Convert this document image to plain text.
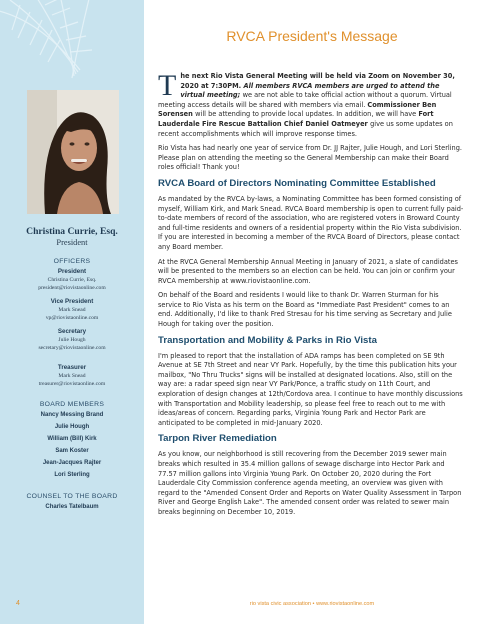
Christina Currie, Esq.
President
OFFICERS
President
Christina Currie, Esq.
president@riovistaonline.com
Vice President
Mark Snead
vp@riovistaonline.com
Secretary
Julie Hough
secretary@riovistaonline.com
Treasurer
Mark Snead
treasurer@riovistaonline.com
BOARD MEMBERS
Nancy Messing Brand
Julie Hough
William (Bill) Kirk
Sam Koster
Jean-Jacques Rajter
Lori Sterling
COUNSEL TO THE BOARD
Charles Tatelbaum
RVCA President's Message

T he next Rio Vista General Meeting will be held via Zoom on November 30, 2020 at 7:30PM. All members RVCA members are urged to attend the virtual meeting; we are not able to take official action without a quorum. Virtual meeting access details will be shared with members via email. Commissioner Ben Sorensen will be attending to provide local updates. In addition, we will have Fort Lauderdale Fire Rescue Battalion Chief Daniel Oatmeyer give us some updates on recent accomplishments which will improve response times.

Rio Vista has had nearly one year of service from Dr. JJ Rajter, Julie Hough, and Lori Sterling. Please plan on attending the meeting so the General Membership can make their Board roles official! Thank you!

RVCA Board of Directors Nominating Committee Established

As mandated by the RVCA by-laws, a Nominating Committee has been formed consisting of myself, William Kirk, and Mark Snead. RVCA Board membership is open to current fully paid-to-date members of record of the association, who are registered voters in Broward County and full-time residents and owners of a residential property within the Rio Vista subdivision. If you are interested in becoming a member of the RVCA Board of Directors, please contact any Board member.

At the RVCA General Membership Annual Meeting in January of 2021, a slate of candidates will be presented to the members so an election can be held. You can join or confirm your RVCA membership at www.riovistaonline.com.

On behalf of the Board and residents I would like to thank Dr. Warren Sturman for his service to Rio Vista as his term on the Board as "Immediate Past President" comes to an end. Additionally, I'd like to thank Fred Stresau for his time serving as Secretary and Julie Hough for taking over the position.

Transportation and Mobility & Parks in Rio Vista

I'm pleased to report that the installation of ADA ramps has been completed on SE 9th Avenue at SE 7th Street and near VY Park. Hopefully, by the time this publication hits your mailbox, "No Thru Trucks" signs will be installed at designated locations. Also, still on the way are: a radar speed sign near VY Park/Ponce, a traffic study on 11th Court, and exploration of design changes at 12th/Cordova area. I continue to have monthly discussions with Transportation and Mobility leadership, so please feel free to reach out to me with ideas/areas of concern. Regarding parks, Virginia Young Park and Hector Park are anticipated to be completed in mid-January 2020.

Tarpon River Remediation

As you know, our neighborhood is still recovering from the December 2019 sewer main breaks which resulted in 35.4 million gallons of sewage discharge into Hector Park and 77.57 million gallons into Virginia Young Park. On October 20, 2020 during the Fort Lauderdale City Commission conference agenda meeting, an overview was given with regard to the "Amended Consent Order and Reports on Water Quality Assessment in Tarpon River and George English Lake". The amended consent order was related to sewer main breaks beginning on December 10, 2019.

4	rio vista civic association • www.riovistaonline.com
